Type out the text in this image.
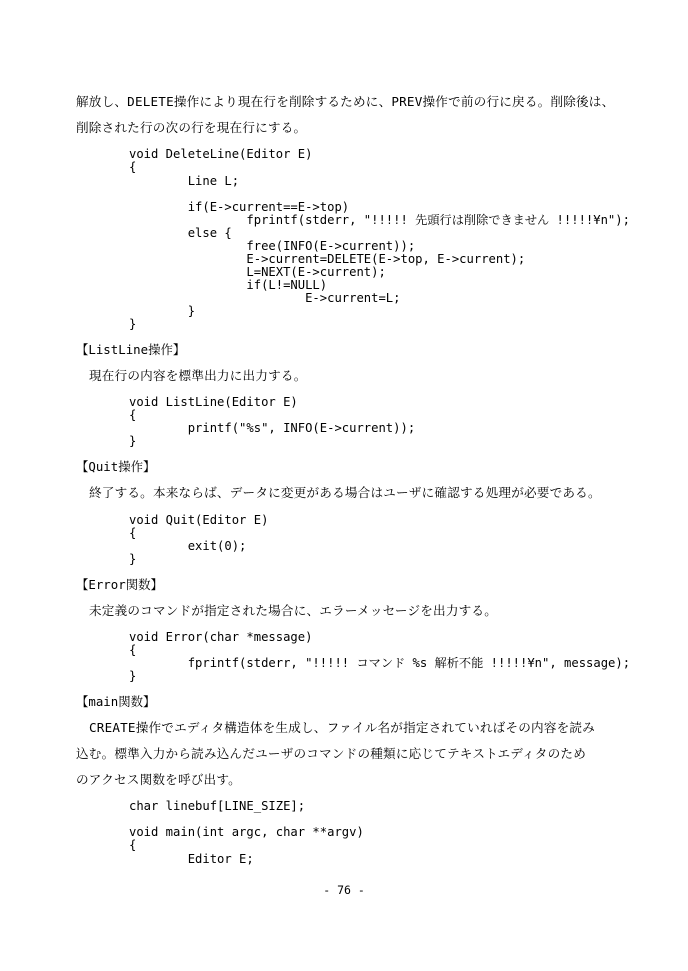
解放し、DELETE操作により現在行を削除するために、PREV操作で前の行に戻る。削除後は、
削除された行の次の行を現在行にする。
void DeleteLine(Editor E)
{
Line L;
if(E->current==E->top)
fprintf(stderr, "!!!!! 先頭行は削除できません !!!!!¥n");
else {
free(INFO(E->current));
E->current=DELETE(E->top, E->current);
L=NEXT(E->current);
if(L!=NULL)
E->current=L;
}
}
【ListLine操作】
現在行の内容を標準出力に出力する。
void ListLine(Editor E)
{
printf("%s", INFO(E->current));
}
【Quit操作】
終了する。本来ならば、データに変更がある場合はユーザに確認する処理が必要である。
void Quit(Editor E)
{
exit(0);
}
【Error関数】
未定義のコマンドが指定された場合に、エラーメッセージを出力する。
void Error(char *message)
{
fprintf(stderr, "!!!!! コマンド %s 解析不能 !!!!!¥n", message);
}
【main関数】
CREATE操作でエディタ構造体を生成し、ファイル名が指定されていればその内容を読み
込む。標準入力から読み込んだユーザのコマンドの種類に応じてテキストエディタのため
のアクセス関数を呼び出す。
char linebuf[LINE_SIZE];
void main(int argc, char **argv)
{
Editor E;
- 76 -
